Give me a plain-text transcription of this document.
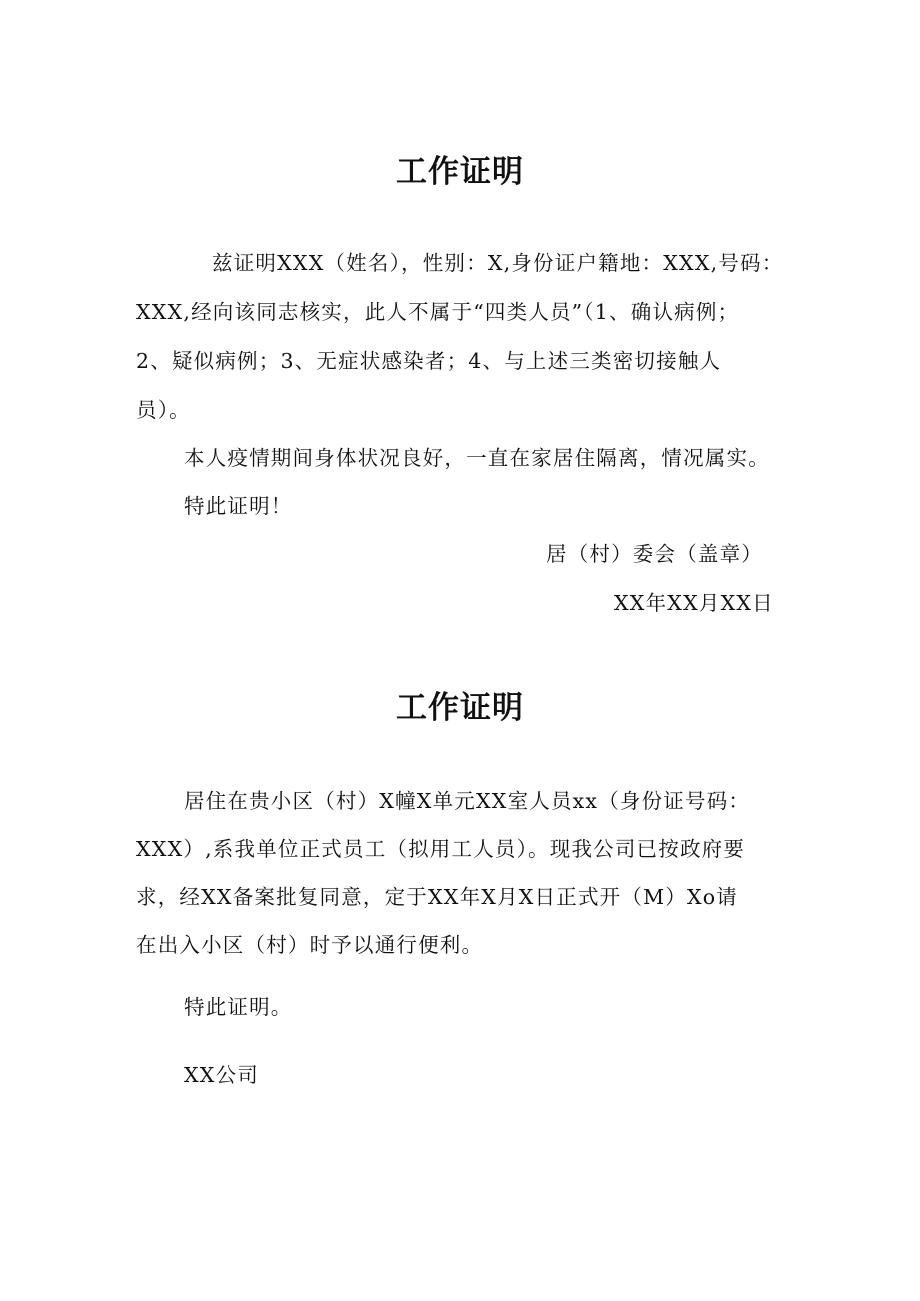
工作证明

兹证明XXX（姓名），性别：X,身份证户籍地：XXX,号码：

XXX,经向该同志核实，此人不属于“四类人员”（1、确认病例；

2、疑似病例；3、无症状感染者；4、与上述三类密切接触人

员）。

本人疫情期间身体状况良好，一直在家居住隔离，情况属实。

特此证明！

居（村）委会（盖章）

XX年XX月XX日

工作证明

居住在贵小区（村）X幢X单元XX室人员xx（身份证号码：

XXX）,系我单位正式员工（拟用工人员）。现我公司已按政府要

求，经XX备案批复同意，定于XX年X月X日正式开（M）Xo请

在出入小区（村）时予以通行便利。

特此证明。

XX公司
